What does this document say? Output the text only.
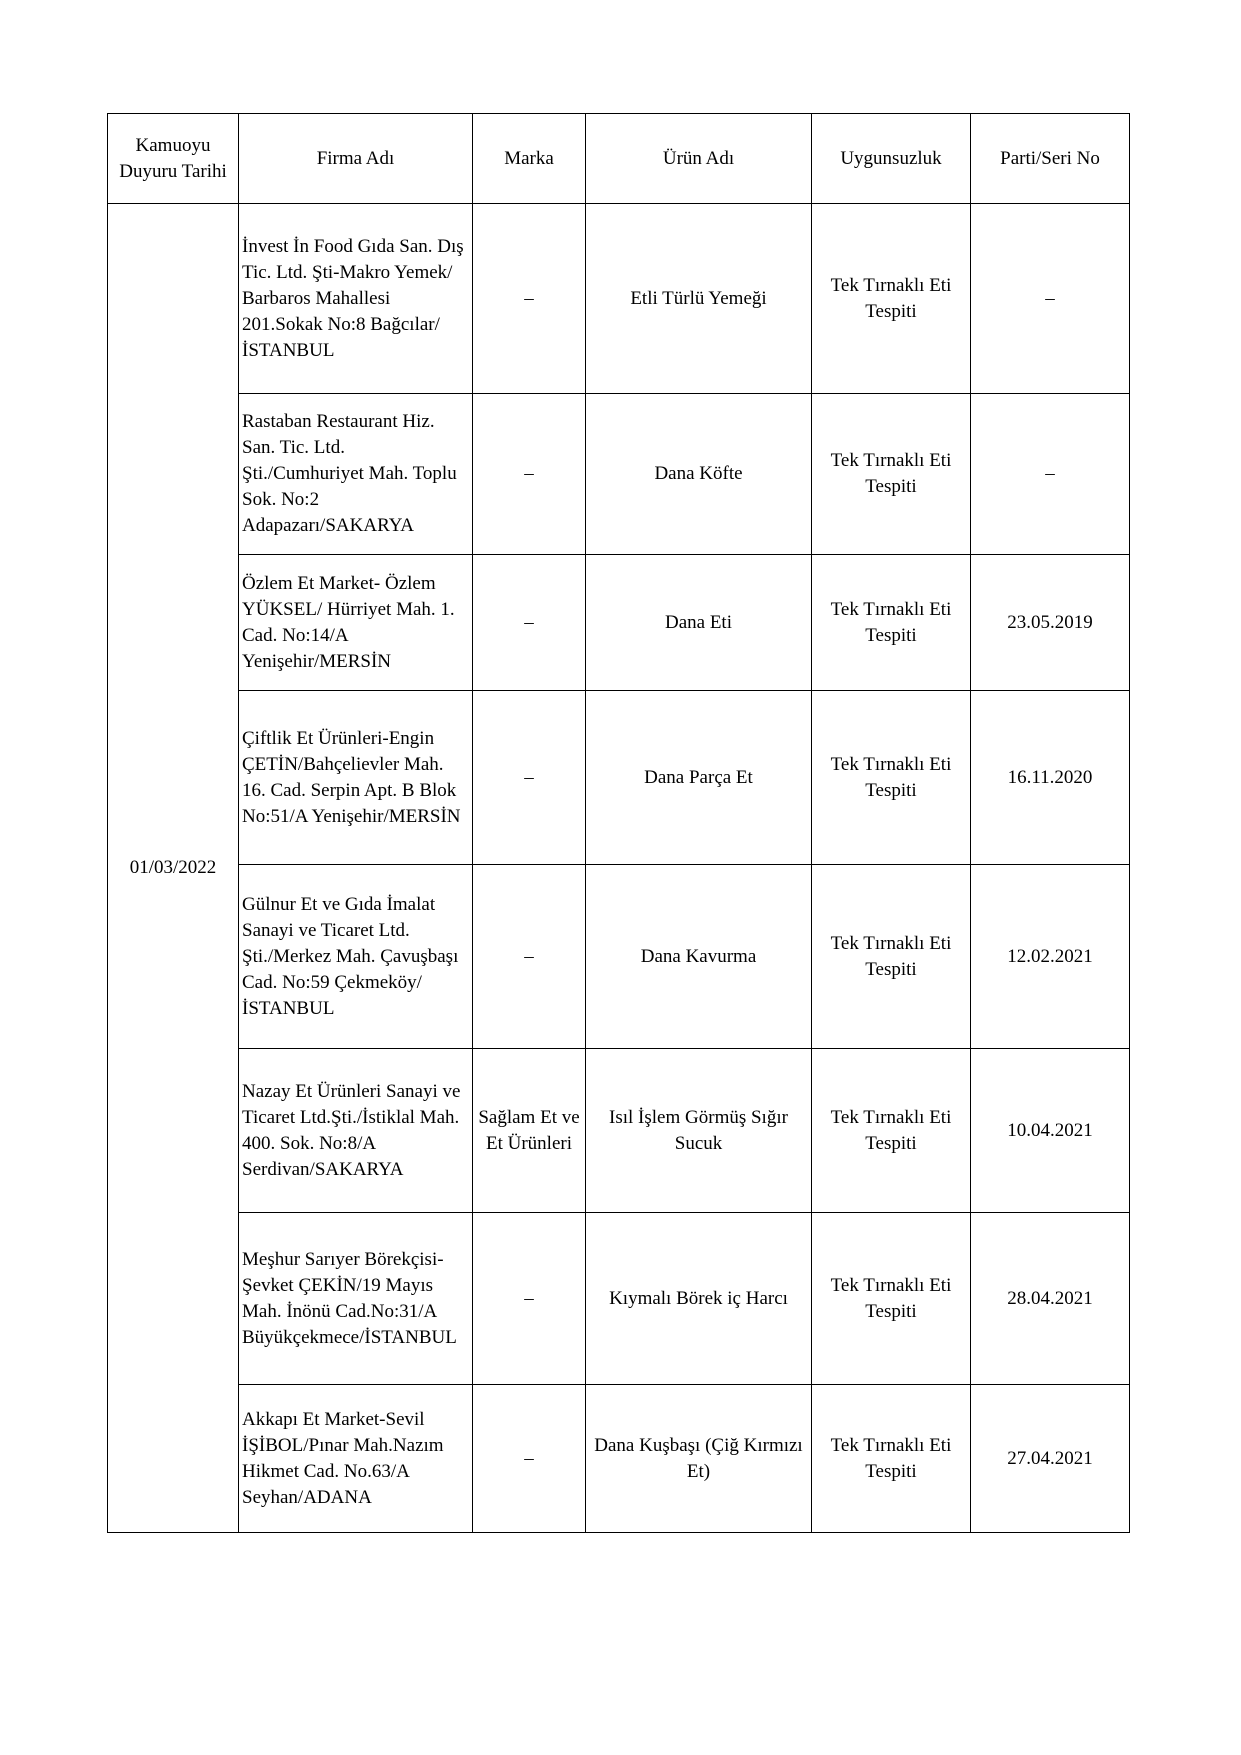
Kamuoyu Duyuru Tarihi	Firma Adı	Marka	Ürün Adı	Uygunsuzluk	Parti/Seri No
01/03/2022	İnvest İn Food Gıda San. Dış Tic. Ltd. Şti-Makro Yemek/ Barbaros Mahallesi 201.Sokak No:8 Bağcılar/İSTANBUL	–	Etli Türlü Yemeği	Tek Tırnaklı Eti Tespiti	–
	Rastaban Restaurant Hiz. San. Tic. Ltd. Şti./Cumhuriyet Mah. Toplu Sok. No:2 Adapazarı/SAKARYA	–	Dana Köfte	Tek Tırnaklı Eti Tespiti	–
	Özlem Et Market- Özlem YÜKSEL/ Hürriyet Mah. 1. Cad. No:14/A Yenişehir/MERSİN	–	Dana Eti	Tek Tırnaklı Eti Tespiti	23.05.2019
	Çiftlik Et Ürünleri-Engin ÇETİN/Bahçelievler Mah. 16. Cad. Serpin Apt. B Blok No:51/A Yenişehir/MERSİN	–	Dana Parça Et	Tek Tırnaklı Eti Tespiti	16.11.2020
	Gülnur Et ve Gıda İmalat Sanayi ve Ticaret Ltd. Şti./Merkez Mah. Çavuşbaşı Cad. No:59 Çekmeköy/İSTANBUL	–	Dana Kavurma	Tek Tırnaklı Eti Tespiti	12.02.2021
	Nazay Et Ürünleri Sanayi ve Ticaret Ltd.Şti./İstiklal Mah. 400. Sok. No:8/A Serdivan/SAKARYA	Sağlam Et ve Et Ürünleri	Isıl İşlem Görmüş Sığır Sucuk	Tek Tırnaklı Eti Tespiti	10.04.2021
	Meşhur Sarıyer Börekçisi-Şevket ÇEKİN/19 Mayıs Mah. İnönü Cad.No:31/A Büyükçekmece/İSTANBUL	–	Kıymalı Börek iç Harcı	Tek Tırnaklı Eti Tespiti	28.04.2021
	Akkapı Et Market-Sevil İŞİBOL/Pınar Mah.Nazım Hikmet Cad. No.63/A Seyhan/ADANA	–	Dana Kuşbaşı (Çiğ Kırmızı Et)	Tek Tırnaklı Eti Tespiti	27.04.2021
